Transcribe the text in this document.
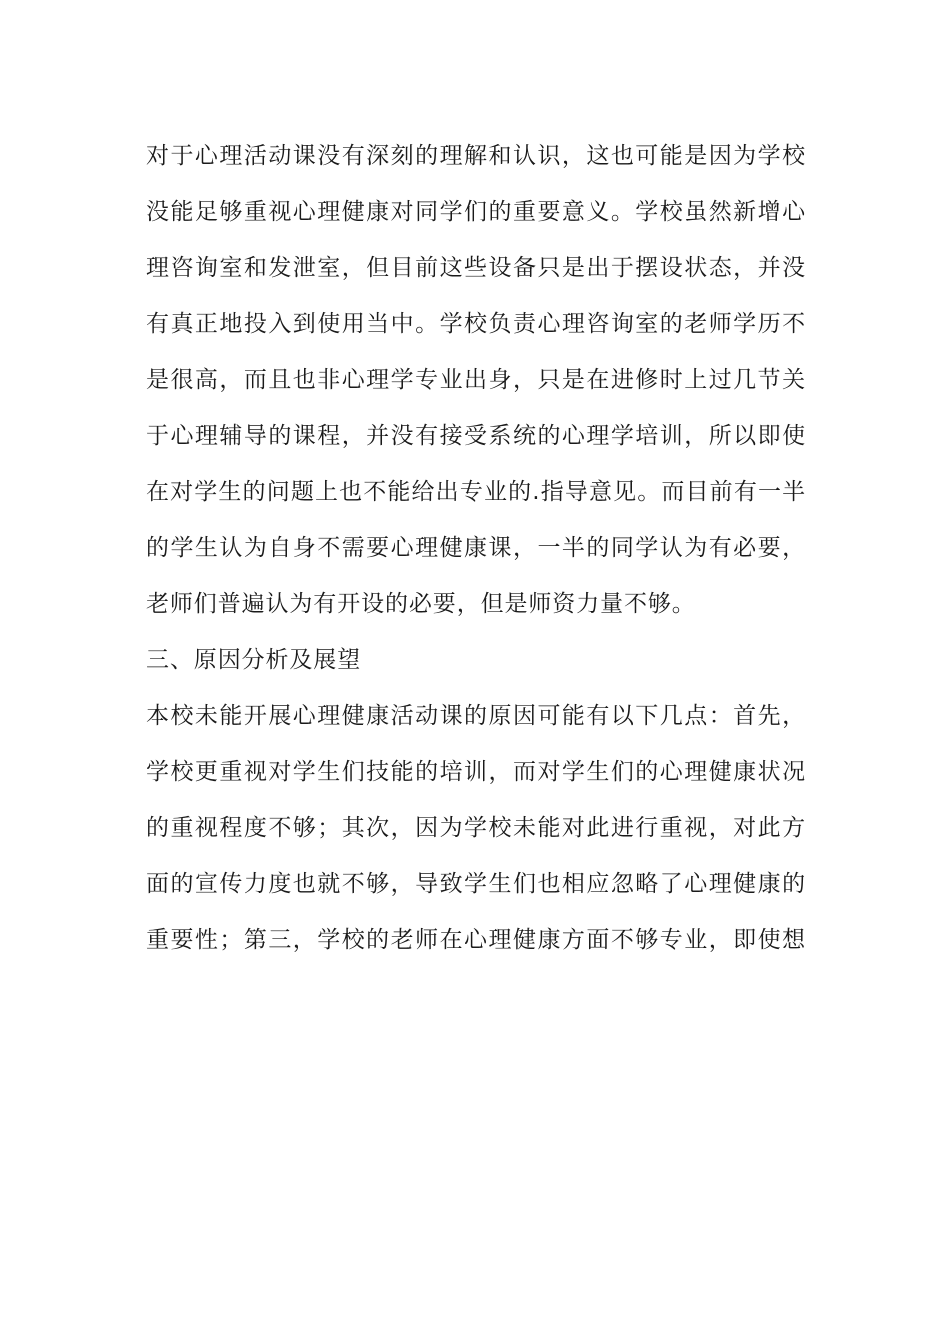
对于心理活动课没有深刻的理解和认识，这也可能是因为学校

没能足够重视心理健康对同学们的重要意义。学校虽然新增心

理咨询室和发泄室，但目前这些设备只是出于摆设状态，并没

有真正地投入到使用当中。学校负责心理咨询室的老师学历不

是很高，而且也非心理学专业出身，只是在进修时上过几节关

于心理辅导的课程，并没有接受系统的心理学培训，所以即使

在对学生的问题上也不能给出专业的.指导意见。而目前有一半

的学生认为自身不需要心理健康课，一半的同学认为有必要，

老师们普遍认为有开设的必要，但是师资力量不够。

三、原因分析及展望

本校未能开展心理健康活动课的原因可能有以下几点：首先，

学校更重视对学生们技能的培训，而对学生们的心理健康状况

的重视程度不够；其次，因为学校未能对此进行重视，对此方

面的宣传力度也就不够，导致学生们也相应忽略了心理健康的

重要性；第三，学校的老师在心理健康方面不够专业，即使想
